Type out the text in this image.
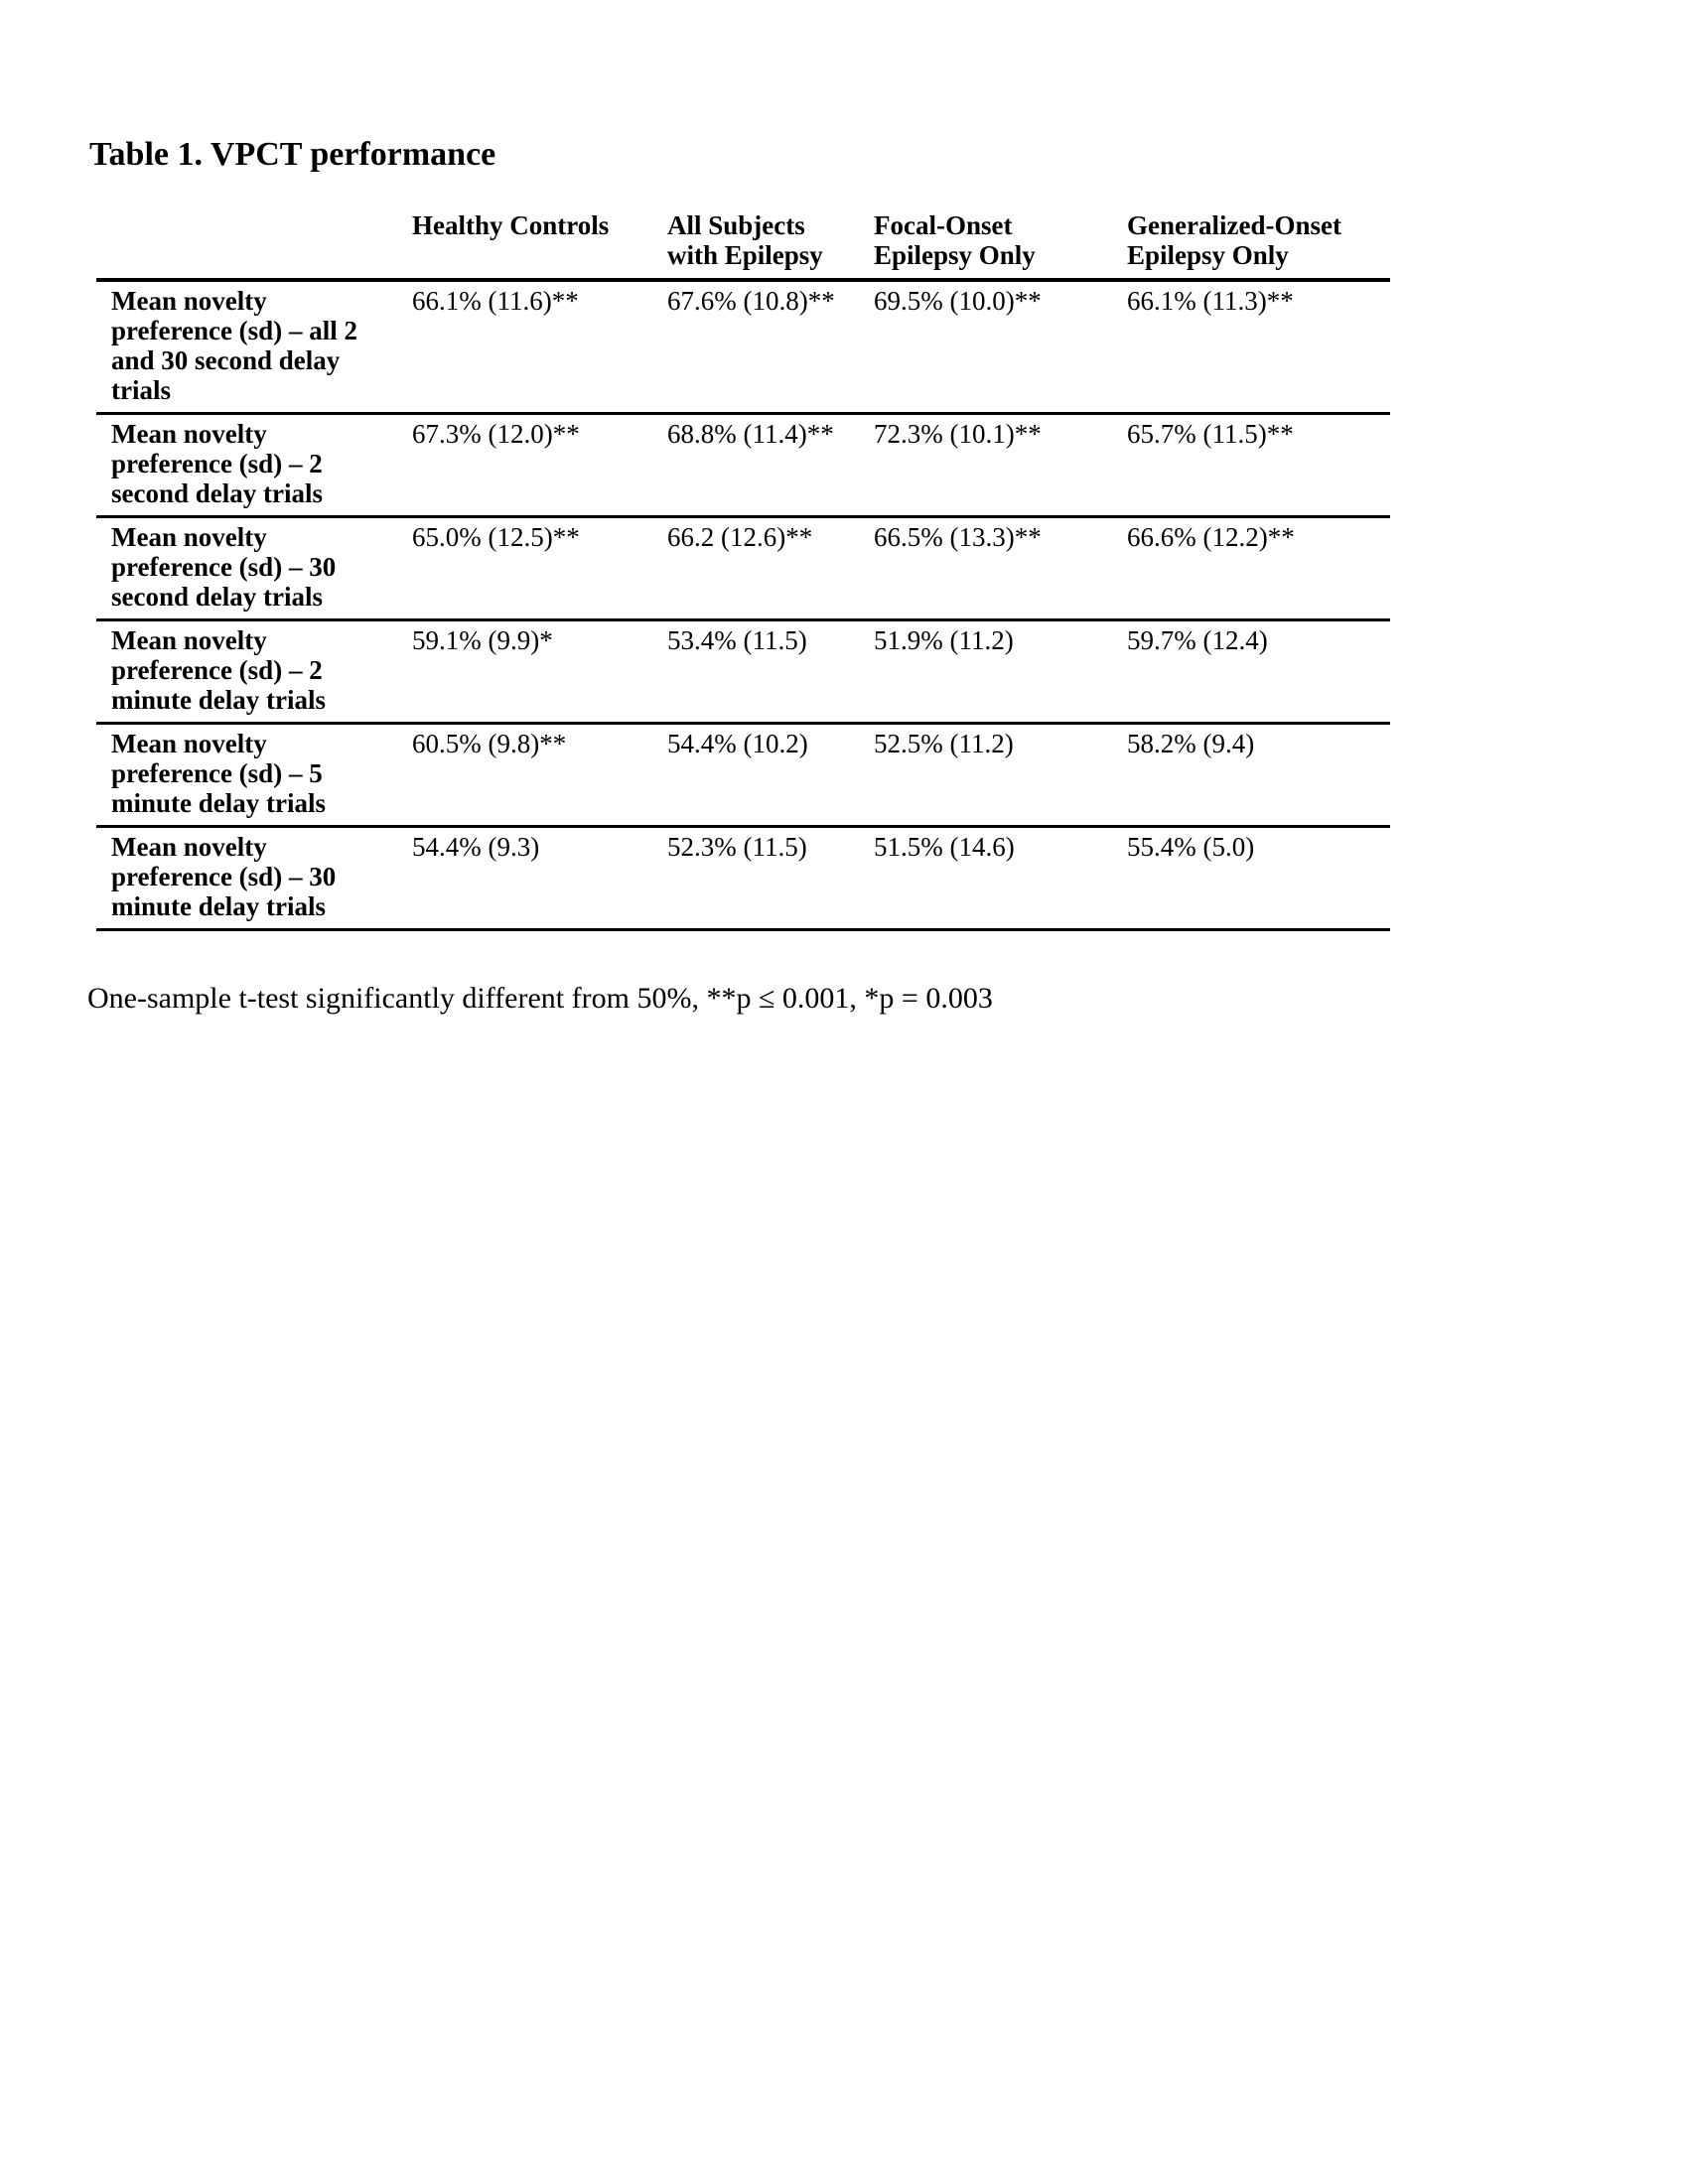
Table 1. VPCT performance
	Healthy Controls	All Subjects with Epilepsy	Focal-Onset Epilepsy Only	Generalized-Onset Epilepsy Only
Mean novelty preference (sd) – all 2 and 30 second delay trials	66.1% (11.6)**	67.6% (10.8)**	69.5% (10.0)**	66.1% (11.3)**
Mean novelty preference (sd) – 2 second delay trials	67.3% (12.0)**	68.8% (11.4)**	72.3% (10.1)**	65.7% (11.5)**
Mean novelty preference (sd) – 30 second delay trials	65.0% (12.5)**	66.2 (12.6)**	66.5% (13.3)**	66.6% (12.2)**
Mean novelty preference (sd) – 2 minute delay trials	59.1% (9.9)*	53.4% (11.5)	51.9% (11.2)	59.7% (12.4)
Mean novelty preference (sd) – 5 minute delay trials	60.5% (9.8)**	54.4% (10.2)	52.5% (11.2)	58.2% (9.4)
Mean novelty preference (sd) – 30 minute delay trials	54.4% (9.3)	52.3% (11.5)	51.5% (14.6)	55.4% (5.0)

One-sample t-test significantly different from 50%, **p ≤ 0.001, *p = 0.003
